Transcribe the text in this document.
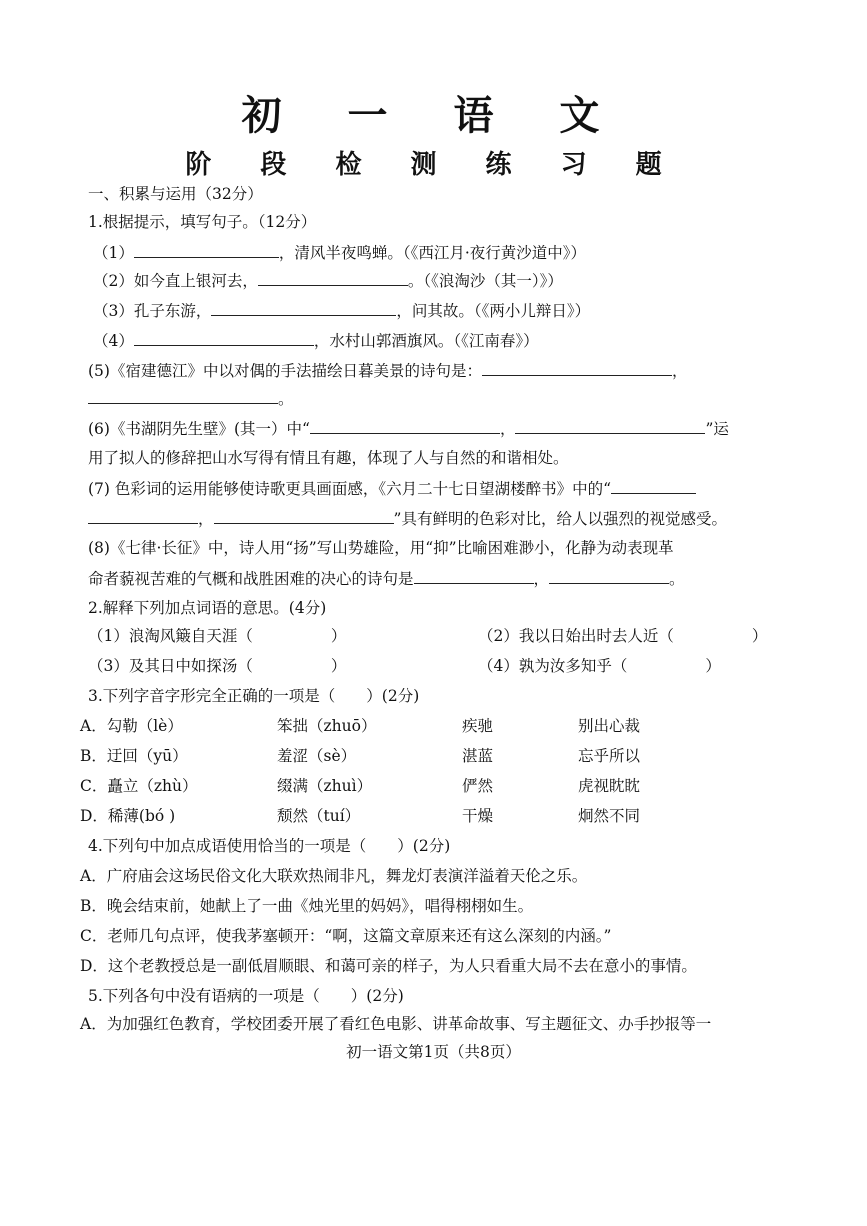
初 一 语 文
阶 段 检 测 练 习 题
一、积累与运用（32分）
1.根据提示，填写句子。（12分）
（1）	，清风半夜鸣蝉。（《西江月·夜行黄沙道中》）
（2）如今直上银河去，	。（《浪淘沙（其一）》）
（3）孔子东游，	，问其故。（《两小儿辩日》）
（4）	，水村山郭酒旗风。（《江南春》）
(5)《宿建德江》中以对偶的手法描绘日暮美景的诗句是：	，
。
(6)《书湖阴先生壁》(其一）中“	，	”运
用了拟人的修辞把山水写得有情且有趣，体现了人与自然的和谐相处。
(7) 色彩词的运用能够使诗歌更具画面感，《六月二十七日望湖楼醉书》中的“
，	”具有鲜明的色彩对比，给人以强烈的视觉感受。
(8)《七律·长征》中，诗人用“扬”写山势雄险，用“抑”比喻困难渺小，化静为动表现革
命者藐视苦难的气概和战胜困难的决心的诗句是	，	。
2.解释下列加点词语的意思。(4分)
（1）浪淘风簸自天涯（	）	（2）我以日始出时去人近（	）
（3）及其日中如探汤（	）	（4）孰为汝多知乎（	）
3.下列字音字形完全正确的一项是（　　）(2分)
A．勾勒（lè）	笨拙（zhuō）	疾驰	别出心裁
B．迂回（yū）	羞涩（sè）	湛蓝	忘乎所以
C．矗立（zhù）	缀满（zhuì）	俨然	虎视眈眈
D．稀薄(bó )	颓然（tuí）	干燥	炯然不同
4.下列句中加点成语使用恰当的一项是（　　）(2分)
A．广府庙会这场民俗文化大联欢热闹非凡，舞龙灯表演洋溢着天伦之乐。
B．晚会结束前，她献上了一曲《烛光里的妈妈》，唱得栩栩如生。
C．老师几句点评，使我茅塞顿开：“啊，这篇文章原来还有这么深刻的内涵。”
D．这个老教授总是一副低眉顺眼、和蔼可亲的样子，为人只看重大局不去在意小的事情。
5.下列各句中没有语病的一项是（　　）(2分)
A．为加强红色教育，学校团委开展了看红色电影、讲革命故事、写主题征文、办手抄报等一
初一语文第1页（共8页）
